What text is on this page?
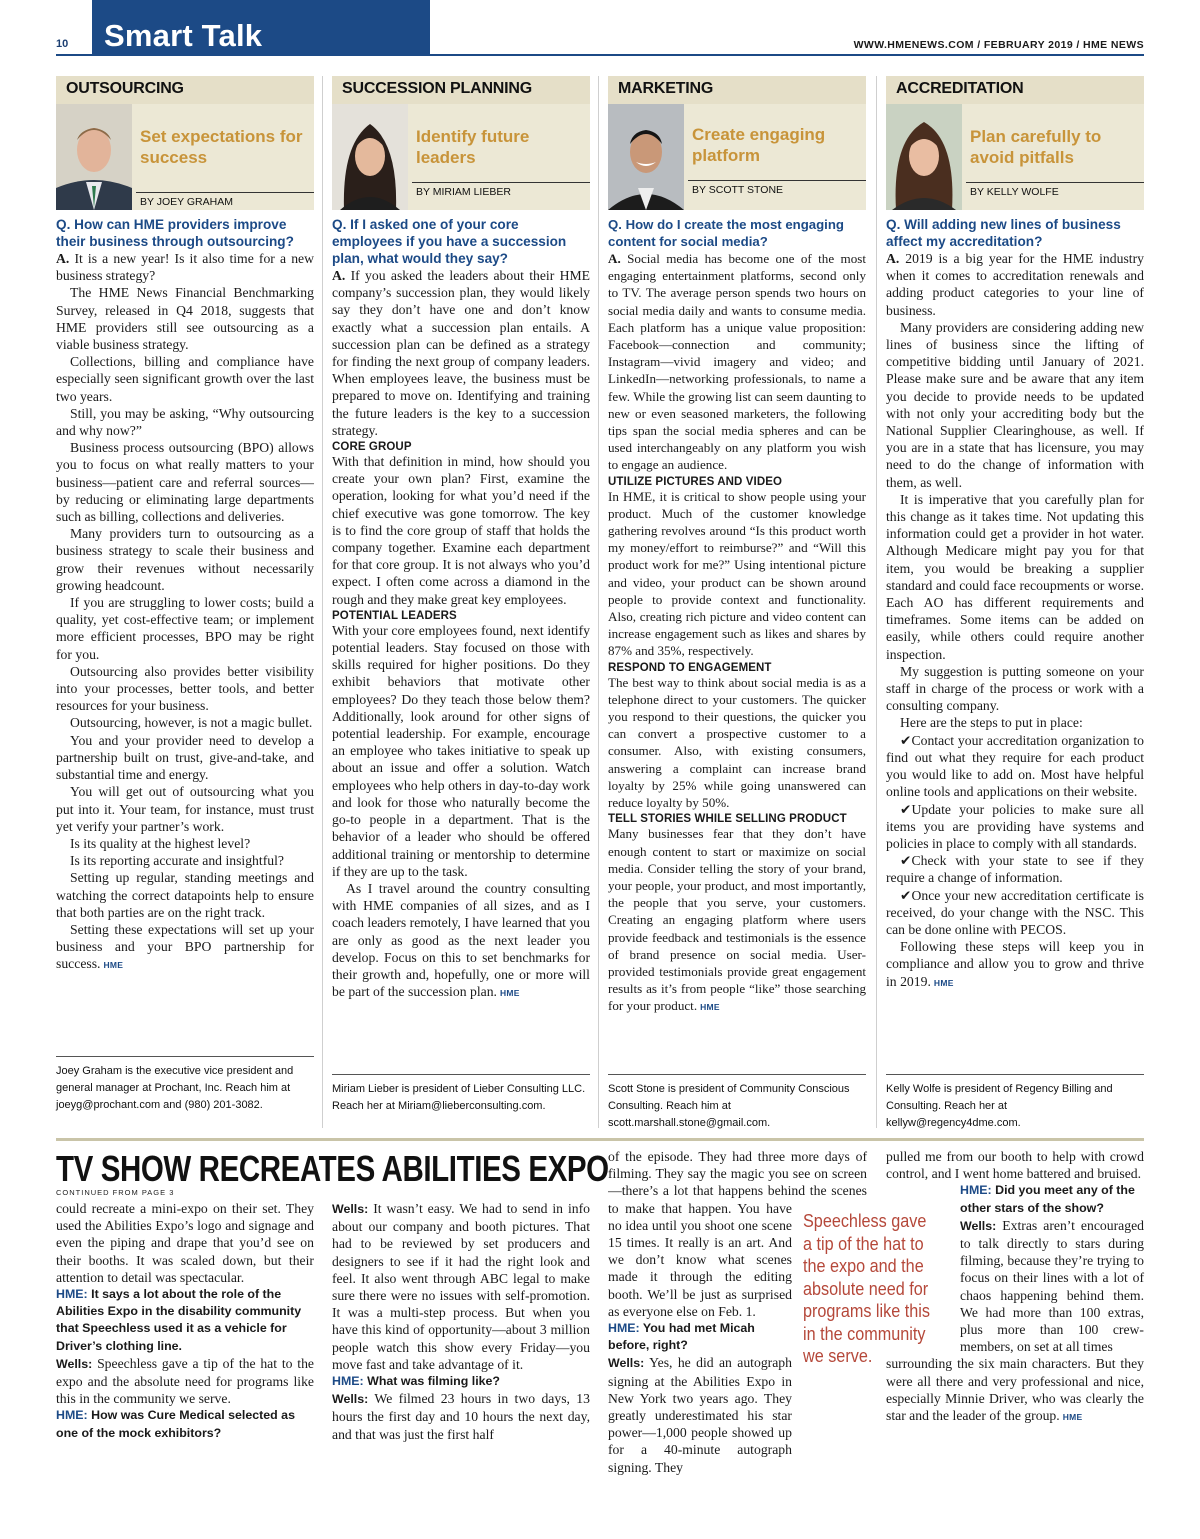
10 Smart Talk	WWW.HMENEWS.COM / FEBRUARY 2019 / HME NEWS
OUTSOURCING
Set expectations for success
BY JOEY GRAHAM
Q. How can HME providers improve their business through outsourcing?

A. It is a new year! Is it also time for a new business strategy?

The HME News Financial Benchmarking Survey, released in Q4 2018, suggests that HME providers still see outsourcing as a viable business strategy.

Collections, billing and compliance have especially seen significant growth over the last two years.

Still, you may be asking, “Why outsourcing and why now?”

Business process outsourcing (BPO) allows you to focus on what really matters to your business—patient care and referral sources—by reducing or eliminating large departments such as billing, collections and deliveries.

Many providers turn to outsourcing as a business strategy to scale their business and grow their revenues without necessarily growing headcount.

If you are struggling to lower costs; build a quality, yet cost-effective team; or implement more efficient processes, BPO may be right for you.

Outsourcing also provides better visibility into your processes, better tools, and better resources for your business.

Outsourcing, however, is not a magic bullet.

You and your provider need to develop a partnership built on trust, give-and-take, and substantial time and energy.

You will get out of outsourcing what you put into it. Your team, for instance, must trust yet verify your partner’s work.

Is its quality at the highest level?

Is its reporting accurate and insightful?

Setting up regular, standing meetings and watching the correct datapoints help to ensure that both parties are on the right track.

Setting these expectations will set up your business and your BPO partnership for success. HME

Joey Graham is the executive vice president and general manager at Prochant, Inc. Reach him at joeyg@prochant.com and (980) 201-3082.
SUCCESSION PLANNING
Identify future leaders
BY MIRIAM LIEBER
Q. If I asked one of your core employees if you have a succession plan, what would they say?

A. If you asked the leaders about their HME company’s succession plan, they would likely say they don’t have one and don’t know exactly what a succession plan entails. A succession plan can be defined as a strategy for finding the next group of company leaders. When employees leave, the business must be prepared to move on. Identifying and training the future leaders is the key to a succession strategy.

CORE GROUP

With that definition in mind, how should you create your own plan? First, examine the operation, looking for what you’d need if the chief executive was gone tomorrow. The key is to find the core group of staff that holds the company together. Examine each department for that core group. It is not always who you’d expect. I often come across a diamond in the rough and they make great key employees.

POTENTIAL LEADERS

With your core employees found, next identify potential leaders. Stay focused on those with skills required for higher positions. Do they exhibit behaviors that motivate other employees? Do they teach those below them? Additionally, look around for other signs of potential leadership. For example, encourage an employee who takes initiative to speak up about an issue and offer a solution. Watch employees who help others in day-to-day work and look for those who naturally become the go-to people in a department. That is the behavior of a leader who should be offered additional training or mentorship to determine if they are up to the task.

As I travel around the country consulting with HME companies of all sizes, and as I coach leaders remotely, I have learned that you are only as good as the next leader you develop. Focus on this to set benchmarks for their growth and, hopefully, one or more will be part of the succession plan. HME

Miriam Lieber is president of Lieber Consulting LLC. Reach her at Miriam@lieberconsulting.com.
MARKETING
Create engaging platform
BY SCOTT STONE
Q. How do I create the most engaging content for social media?

A. Social media has become one of the most engaging entertainment platforms, second only to TV. The average person spends two hours on social media daily and wants to consume media. Each platform has a unique value proposition: Facebook—connection and community; Instagram—vivid imagery and video; and LinkedIn—networking professionals, to name a few. While the growing list can seem daunting to new or even seasoned marketers, the following tips span the social media spheres and can be used interchangeably on any platform you wish to engage an audience.

UTILIZE PICTURES AND VIDEO

In HME, it is critical to show people using your product. Much of the customer knowledge gathering revolves around “Is this product worth my money/effort to reimburse?” and “Will this product work for me?” Using intentional picture and video, your product can be shown around people to provide context and functionality. Also, creating rich picture and video content can increase engagement such as likes and shares by 87% and 35%, respectively.

RESPOND TO ENGAGEMENT

The best way to think about social media is as a telephone direct to your customers. The quicker you respond to their questions, the quicker you can convert a prospective customer to a consumer. Also, with existing consumers, answering a complaint can increase brand loyalty by 25% while going unanswered can reduce loyalty by 50%.

TELL STORIES WHILE SELLING PRODUCT

Many businesses fear that they don’t have enough content to start or maximize on social media. Consider telling the story of your brand, your people, your product, and most importantly, the people that you serve, your customers. Creating an engaging platform where users provide feedback and testimonials is the essence of brand presence on social media. User-provided testimonials provide great engagement results as it’s from people “like” those searching for your product. HME

Scott Stone is president of Community Conscious Consulting. Reach him at scott.marshall.stone@gmail.com.
ACCREDITATION
Plan carefully to avoid pitfalls
BY KELLY WOLFE
Q. Will adding new lines of business affect my accreditation?

A. 2019 is a big year for the HME industry when it comes to accreditation renewals and adding product categories to your line of business.

Many providers are considering adding new lines of business since the lifting of competitive bidding until January of 2021. Please make sure and be aware that any item you decide to provide needs to be updated with not only your accrediting body but the National Supplier Clearinghouse, as well. If you are in a state that has licensure, you may need to do the change of information with them, as well.

It is imperative that you carefully plan for this change as it takes time. Not updating this information could get a provider in hot water. Although Medicare might pay you for that item, you would be breaking a supplier standard and could face recoupments or worse. Each AO has different requirements and timeframes. Some items can be added on easily, while others could require another inspection.

My suggestion is putting someone on your staff in charge of the process or work with a consulting company.

Here are the steps to put in place:

✔Contact your accreditation organization to find out what they require for each product you would like to add on. Most have helpful online tools and applications on their website.

✔Update your policies to make sure all items you are providing have systems and policies in place to comply with all standards.

✔Check with your state to see if they require a change of information.

✔Once your new accreditation certificate is received, do your change with the NSC. This can be done online with PECOS.

Following these steps will keep you in compliance and allow you to grow and thrive in 2019. HME

Kelly Wolfe is president of Regency Billing and Consulting. Reach her at kellyw@regency4dme.com.
TV SHOW RECREATES ABILITIES EXPO
CONTINUED FROM PAGE 3
could recreate a mini-expo on their set. They used the Abilities Expo’s logo and signage and even the piping and drape that you’d see on their booths. It was scaled down, but their attention to detail was spectacular.
HME: It says a lot about the role of the Abilities Expo in the disability community that Speechless used it as a vehicle for Driver’s clothing line.
Wells: Speechless gave a tip of the hat to the expo and the absolute need for programs like this in the community we serve.
HME: How was Cure Medical selected as one of the mock exhibitors?
Wells: It wasn’t easy. We had to send in info about our company and booth pictures. That had to be reviewed by set producers and designers to see if it had the right look and feel. It also went through ABC legal to make sure there were no issues with self-promotion. It was a multi-step process. But when you have this kind of opportunity—about 3 million people watch this show every Friday—you move fast and take advantage of it.
HME: What was filming like?
Wells: We filmed 23 hours in two days, 13 hours the first day and 10 hours the next day, and that was just the first half
of the episode. They had three more days of filming. They say the magic you see on screen—there’s a lot that happens behind the scenes to make that happen. You have no idea until you shoot one scene 15 times. It really is an art. And we don’t know what scenes made it through the editing booth. We’ll be just as surprised as everyone else on Feb. 1.
HME: You had met Micah before, right?
Wells: Yes, he did an autograph signing at the Abilities Expo in New York two years ago. They greatly underestimated his star power—1,000 people showed up for a 40-minute autograph signing. They
Speechless gave a tip of the hat to the expo and the absolute need for programs like this in the community we serve.
pulled me from our booth to help with crowd control, and I went home battered and bruised.
HME: Did you meet any of the other stars of the show?
Wells: Extras aren’t encouraged to talk directly to stars during filming, because they’re trying to focus on their lines with a lot of chaos happening behind them. We had more than 100 extras, plus more than 100 crew-members, on set at all times
surrounding the six main characters. But they were all there and very professional and nice, especially Minnie Driver, who was clearly the star and the leader of the group. HME
